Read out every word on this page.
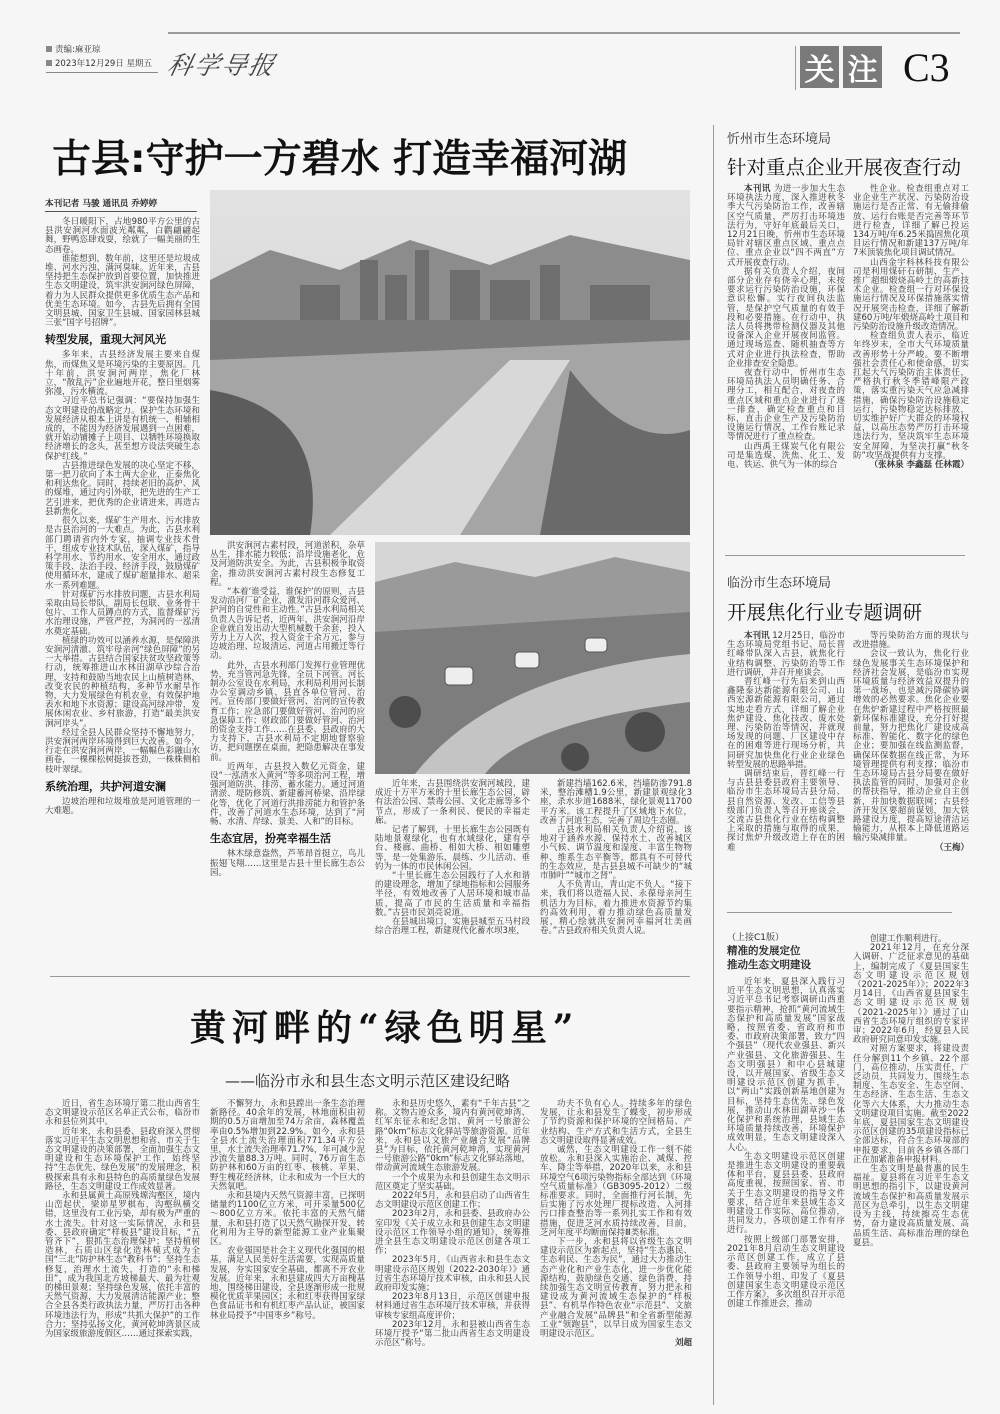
责编:麻亚琼
2023年12月29日 星期五 科学导报	关 注 C3
古县:守护一方碧水 打造幸福河湖
本刊记者 马骏 通讯员 乔婷婷

冬日暖阳下，占地980平方公里的古县洪安涧河水面波光粼粼，白鹳翩翩起舞，野鸭恣肆戏耍，绘就了一幅美丽的生态画卷。

谁能想到，数年前，这里还是垃圾成堆、河水污浊、满河臭味。近年来，古县坚持把生态保护放到首要位置，加快推进生态文明建设，筑牢洪安涧河绿色屏障，着力为人民群众提供更多优质生态产品和优美生态环境。如今，古县先后拥有全国文明县城、国家卫生县城、国家园林县城三张“国字号招牌”。

转型发展，重现大河风光

多年来，古县经济发展主要来自煤焦，而煤焦又是环境污染的主要原因。几十年前，洪安涧河两岸，焦化厂林立，“散乱污”企业遍地开花，整日里烟雾弥漫，污水横流。

习近平总书记强调：“要保持加强生态文明建设的战略定力。保护生态环境和发展经济从根本上讲是有机统一、相辅相成的，不能因为经济发展遇到一点困难，就开始动铺摊子上项目、以牺牲环境换取经济增长的念头，甚至想方设法突破生态保护红线。”

古县推进绿色发展的决心坚定不移，第一把刀砍向了本土两大企业，正泰焦化和利达焦化。同时，持续老旧的高炉、风的煤堆，通过内引外联，把先进的生产工艺引进来，把优秀的企业请进来，再造古县新焦化。

很久以来，煤矿生产用水、污水排放是古县治河的一大难点。为此，古县水利部门聘请省内外专家，抽调专业技术骨干，组成专业技术队伍，深入煤矿，指导科学用水、节约用水、安全用水，通过政策手段、法治手段、经济手段，鼓励煤矿使用循环水，建成了煤矿超量排水、超采水一系列难题。

针对煤矿污水排放问题，古县水利局采取由局长带队，副局长包联、业务骨干包片、工作人员蹲点的方式，监督煤矿污水治理设施，严管严控，为洞河的一泓清水奠定基础。

植绿的功效可以涵养水源，是保障洪安涧河清澈、筑牢母亲河“绿色屏障”的另一大举措。古县结合国家扶贫攻坚政策等行动，统筹推进山水林田湖草沙综合治理，支持和鼓励当地农民上山植树造林，改变农民的种植结构，多种节水耐旱作物，大力发展绿色有机农业，有效保护地表水和地下水资源；建设高河绿冲带，发展休闲农业、乡村旅游，打造“最美洪安涧河岸头”。

经过全县人民群众坚持不懈地努力，洪安涧河两岸环境得到巨大改善。如今，行走在洪安涧河两岸，一幅幅色彩融山水画卷，一棵棵松树挺拔苍劲，一株株侧柏枝叶翠绿。

系统治理，共护河道安澜

边坡治理和垃圾堆放是河道管理的一大难题。

洪安涧河古素村段，河道淤积，杂草丛生，排水能力较低；沿岸设施老化，危及河道防洪安全。为此，古县积极争取资金，推动洪安涧河古素村段生态修复工程。

“本着‘谁受益，谁保护’的原则，古县发动沿河厂矿企业，激发沿河群众爱河、护河的自觉性和主动性。”古县水利局相关负责人告诉记者，近两年，洪安涧河沿岸企业就自发出动大型机械数千余套，投入劳力上万人次，投入资金千余万元，参与边坡治理、垃圾清运、河道占用搬迁等行动。

此外，古县水利部门发挥行业管理优势，充当管河急先锋，全员下河管。河长制办公室设在水利局，水利局利用河长制办公室调动乡镇、县直各单位管河、治河。宣传部门要做好管河、治河的宣传教育工作；应急部门要做好管河、治河的应急保障工作；财政部门要做好管河、治河的资金支持工作……在县委、县政府的大力支持下，古县水利局不定期地督察验访，把问题摆在桌面，把隐患解决在事发前。

近两年，古县投入数亿元资金，建设“一泓清水入黄河”等多项治河工程，增强河道防洪、排涝、蓄水能力。通过河道清淤、堤防修筑、新建蓄河桥梁、沿岸绿化等，优化了河道行洪排涝能力和管护条件，改善了河道水生态环境，达到了“河畅、水清、岸绿、景美、人和”的目标。

生态宜居，扮亮幸福生活

林木绿意盎然，芦苇昂首挺立，鸟儿振翅飞翔……这里是古县十里长廊生态公园。

近年来，古县围绕洪安涧河城段，建成近十万平方米的十里长廊生态公园，辟有法治公园、禁毒公园、文化走廊等多个节点，形成了一条利民、便民的幸福走廊。

记者了解到，十里长廊生态公园既有陆地景观绿化，也有水域绿化，建有亭台、楼廊、曲桥、相如大桥、相如雕塑等，是一处集游乐、晨练、少儿活动、垂钓为一体的市民休闲公园。

“十里长廊生态公园践行了人水和谐的建设理念，增加了绿地指标和公园服务半径，有效地改善了人居环境和城市品质，提高了市民的生活质量和幸福指数。”古县市民刘亮说道。

在县城出境口，实施县城至五马村段综合治理工程，新建现代化蓄水坝3座，

新建挡墙162.6米，挡墙防渗791.8米，整治滩槽1.9公里，新建景观绿化3座，杀水步道1688米，绿化景观11700平方米。该工程提升了区域地下水位，改善了河道生态，完善了周边生态圈。

古县水利局相关负责人介绍说，该地对于涵养水源、保持水土、改善城区小气候、调节温度和湿度、丰富生物物种、维系生态平衡等，都具有不可替代的生态效应，是古县县城不可缺少的“城市肺叶”“城市之肾”。

人不负青山，青山定不负人。“接下来，我们将以造福人民、永葆母亲河生机活力为目标，着力推进水资源节约集约高效利用，着力推动绿色高质量发展，精心绘就洪安涧河幸福河壮美画卷。”古县政府相关负责人说。

忻州市生态环境局
针对重点企业开展夜查行动

本刊讯 为进一步加大生态环境执法力度，深入推进秋冬季大气污染防治工作，改善辖区空气质量，严厉打击环境违法行为，守好年底最后关口，12月21日晚，忻州市生态环境局针对辖区重点区域、重点点位、重点企业以“四不两直”方式开展夜查行动。

据有关负责人介绍，夜间部分企业存有侥幸心理，未按要求运行污染防治设施，环保意识松懈。实行夜间执法监管，是保护空气质量的有效手段和必要措施。在行动中，执法人员将携带检测仪器及其他设备深入企业开展夜间监管。通过现场巡查、随机抽查等方式对企业进行执法检查，帮助企业排查安全隐患。

夜查行动中，忻州市生态环境局执法人员明确任务、合理分工，相互配合，对夜查的重点区域和重点企业进行了逐一排查，确定检查重点和目标，直击企业生产及污染防治设施运行情况、工作台账记录等情况进行了重点检查。

山西禹王煤炭气化有限公司是集选煤、洗焦、化工、发电、铁运、供气为一体的综合

性企业。检查组重点对工业企业生产状况、污染防治设施运行是否正常、有无偷排偷放、运行台账是否完善等环节进行检查，详细了解已投运134万吨/年6.25米捣固焦化项目运行情况和新建137万吨/年7米顶装焦化项目调试情况。

山西金宇科林科技有限公司是利用煤矸石研制、生产、推广超细煅烧高岭土的高新技术企业。检查组一行对环保设施运行情况及环保措施落实情况开展突击检查，详细了解新建60万吨/年煅烧高岭土项目和污染防治设施升级改造情况。

检查组负责人表示，临近年终岁末，全市大气环境质量改善形势十分严峻。要不断增强社会责任心和使命感，切实扛起大气污染防治主体责任，严格执行秋冬季错峰限产政策，落实重污染天气应急减排措施，确保污染防治设施稳定运行，污染物稳定达标排放，切实维护好广大群众的环境权益，以高压态势严厉打击环境违法行为，坚决筑牢生态环境安全屏障，为坚决打赢“秋冬防”攻坚战提供有力支撑。

（张林泉 李鑫磊 任林霞）

临汾市生态环境局
开展焦化行业专题调研

本刊讯 12月25日，临汾市生态环境局党组书记、局长晋红峰带队深入古县，就焦化行业结构调整、污染防治等工作进行调研，并召开座谈会。

晋红峰一行先后来到山西鑫隆泰达新能源有限公司、山西宏源新能源有限公司，通过实地走看方式，详细了解企业焦炉建设、焦化技改、废水处理、污染防治等情况，并就现场发现的问题、厂区建设中存在的困难等进行现场分析，共同研究加快焦化行业企业绿色转型发展的思路举措。

调研结束后，晋红峰一行与古县县委县政府主要领导、临汾市生态环境局古县分局、县自然资源、发改、工信等县级部门负责人等召开座谈会，交流古县焦化行业在结构调整上采取的措施与取得的成果，探讨焦炉升级改造上存在的困难

等污染防治方面的现状与改进措施。

会议一致认为，焦化行业绿色发展事关生态环境保护和经济社会发展，是临汾市实现环境质量与经济效益双提升的第一战场，也是减污降碳协调增效的必然要求。焦化企业要在焦炉新建过程中严格按照最新环保标准建设，充分打好提前量，努力把焦化厂建设成高标准、智能化、数字化的绿色企业；要加强在线监测监督，确保环保数据在线正常，为环境管理提供有利支撑；临汾市生态环境局古县分局要在做好执法监管的同时，加强对企业的帮扶指导，推动企业自主创新，并加快数据联网；古县经济开发区要超前谋划，加大铁路建设力度，提高短途清洁运输能力，从根本上降低道路运输污染减排量。

（王梅）

（上接C1版）
精准的发展定位
推动生态文明建设

近年来，夏县深入践行习近平生态文明思想，认真落实习近平总书记考察调研山西重要指示精神，抢抓“黄河流域生态保护和高质量发展”国家战略，按照省委、省政府和市委、市政府决策部署，致力“四个强县”（现代农业强县、新兴产业强县、文化旅游强县、生态文明强县）和中心县城建设，以开展国家、省级生态文明建设示范区创建为抓手，以“两山”实践创新基地创建为目标，坚持生态优先、绿色发展，推动山水林田湖草沙一体化保护和系统治理，县域生态环境质量持续改善，环境保护成效明显，生态文明建设深入人心。

生态文明建设示范区创建是推进生态文明建设的重要载体和平台，夏县县委、县政府高度重视，按照国家、省、市关于生态文明建设的指导文件要求，结合近年来县域生态文明建设工作实际，高位推动，共同发力，各项创建工作有序进行。

按照上级部门部署安排，2021年8月启动生态文明建设示范区创建工作，成立了县委、县政府主要领导为组长的工作领导小组，印发了《夏县创建国家生态文明建设示范区工作方案》，多次组织召开示范创建工作推进会，推动

创建工作顺利进行。

2021年12月，在充分深入调研、广泛征求意见的基础上，编制完成了《夏县国家生态文明建设示范区规划（2021-2025年）》；2022年3月14日，《山西省夏县国家生态文明建设示范区规划（2021-2025年）》通过了山西省生态环境厅组织的专家评审；2022年6月，经夏县人民政府研究同意印发实施。

对照方案要求，将建设责任分解到11个乡镇、22个部门，高位推动，压实责任，广泛动员，共同发力，围绕生态制度、生态安全、生态空间、生态经济、生态生活、生态文化等六大体系，大力推动生态文明建设项目实施。截至2022年底，夏县国家生态文明建设示范区创建的35项建设指标已全部达标，符合生态环境部的申报要求，目前各乡镇各部门正在加紧准备申报材料。

生态文明是最普惠的民生福祉。夏县将在习近平生态文明思想的指引下，以建设黄河流域生态保护和高质量发展示范区为总牵引，以生态文明建设为主线，持续擦亮生态优势，奋力建设高质量发展、高品质生活、高标准治理的绿色夏县。

黄河畔的“绿色明星”
——临汾市永和县生态文明示范区建设纪略

近日，省生态环境厅第二批山西省生态文明建设示范区名单正式公布，临汾市永和县位列其中。

近年来，永和县委、县政府深入贯彻落实习近平生态文明思想和省、市关于生态文明建设的决策部署，全面加强生态文明建设和生态环境保护工作，始终坚持“生态优先、绿色发展”的发展理念，积极探索具有永和县特色的高质量绿色发展路径，生态文明建设工作成效显著。

永和县属黄土高原残塬沟壑区，境内山峦起伏，梁峁星罗棋布，沟壑纵横交错，这里没有工业污染，却有极为严重的水土流失。针对这一实际情况，永和县委、县政府确定“样板县”建设目标，“五管齐下”，狠抓生态治理保护；坚持植树造林，石质山区绿化造林模式成为全国“三北”防护林生态“教科书”；坚持生态修复，治理水土流失，打造的“永和梯田”，成为我国北方坡梯最大、最为壮观的梯田景观；坚持绿色发展，依托丰富的天然气资源，大力发展清洁能源产业；整合全县各类行政执法力量，严厉打击各种环境违法行为，形成“共抓大保护”的工作合力；坚持弘扬文化，黄河乾坤湾景区成为国家级旅游度假区……通过探索实践，

不懈努力，永和县蹚出一条生态治理新路径。40余年的发展，林地面积由初期的0.5万亩增加至74万余亩，森林覆盖率由0.5%增加到22.9%。如今，永和县全县水土流失治理面积771.34平方公里，水土流失治理率71.7%，年可减少泥沙流失量88.3万吨。同时，76万亩生态防护林和60万亩的红枣、核桃、苹果、野生槐花经济林，让永和成为一个巨大的天然氧吧。

永和县境内天然气资源丰富，已探明储量约1100亿立方米，可开采量500亿～800亿立方米。依托丰富的天然气储量，永和县打造了以天然气勘探开发、转化利用为主导的新型能源工业产业集聚区。

农业强国是社会主义现代化强国的根基，满足人民美好生活需要，实现高质量发展，夯实国家安全基础，都离不开农业发展。近年来，永和县建成四大万亩槐基地，围绕梯田建设，全县逐渐形成一批规模化优质苹果园区；永和红枣获得国家绿色食品证书和有机红枣产品认证，被国家林业局授予“中国枣乡”称号。

永和县历史悠久，素有“千年古县”之称。文物古迹众多，境内有黄河乾坤湾、红军东征永和纪念馆、黄河一号旅游公路“0km”标志文化驿站等旅游资源。近年来，永和县以文旅产业融合发展“品牌县”为目标，依托黄河乾坤湾，实现黄河一号旅游公路“0km”标志文化驿站落地，带动黄河流域生态旅游发展。

一个个成果为永和县创建生态文明示范区奠定了坚实基础。

2022年5月，永和县启动了山西省生态文明建设示范区创建工作；

2023年2月，永和县委、县政府办公室印发《关于成立永和县创建生态文明建设示范区工作领导小组的通知》，统筹推进全县生态文明建设示范区创建各项工作；

2023年5月，《山西省永和县生态文明建设示范区规划（2022-2030年）》通过省生态环境厅技术审核，由永和县人民政府印发实施；

2023年8月13日，示范区创建申报材料通过省生态环境厅技术审核，并获得审核专家组高度评价；

2023年12月，永和县被山西省生态环境厅授予“第二批山西省生态文明建设示范区”称号。

功夫不负有心人。持续多年的绿色发展，让永和县发生了蝶变，初步形成了节约资源和保护环境的空间格局、产业结构、生产方式和生活方式，全县生态文明建设取得显著成效。

诚然，生态文明建设工作一刻不能放松。永和县深入实施治企、减煤、控车、降尘等举措，2020年以来，永和县环境空气6项污染物指标全部达到《环境空气质量标准》（GB3095-2012）二级标准要求。同时，全面推行河长制，先后实施了污水处理厂提标改造、入河排污口排查整治等一系列扎实工作和有效措施，促进芝河水质持续改善，目前，芝河年度平均断面保持Ⅲ类标准。

下一步，永和县将以省级生态文明建设示范区为新起点，坚持“生态惠民、生态利民、生态为民”，通过大力推动生态产业化和产业生态化，进一步优化能源结构，鼓励绿色交通、绿色消费，持续加强生态文明宣传教育，努力把永和建设成为黄河流域生态保护的“样板县”、有机旱作特色农业“示范县”、文旅产业融合发展“品牌县”和全省新型能源工业“领跑县”，以早日成为国家生态文明建设示范区。

刘超
